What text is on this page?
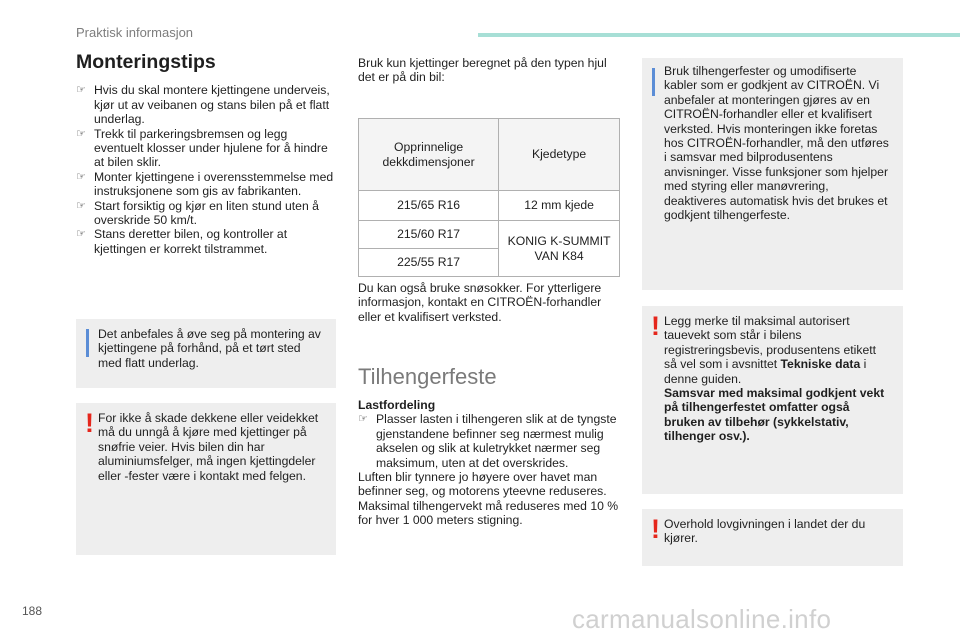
Praktisk informasjon
Monteringstips
☞ Hvis du skal montere kjettingene underveis, kjør ut av veibanen og stans bilen på et flatt underlag.
☞ Trekk til parkeringsbremsen og legg eventuelt klosser under hjulene for å hindre at bilen sklir.
☞ Monter kjettingene i overensstemmelse med instruksjonene som gis av fabrikanten.
☞ Start forsiktig og kjør en liten stund uten å overskride 50 km/t.
☞ Stans deretter bilen, og kontroller at kjettingen er korrekt tilstrammet.
Det anbefales å øve seg på montering av kjettingene på forhånd, på et tørt sted med flatt underlag.
! For ikke å skade dekkene eller veidekket må du unngå å kjøre med kjettinger på snøfrie veier. Hvis bilen din har aluminiumsfelger, må ingen kjettingdeler eller -fester være i kontakt med felgen.
Bruk kun kjettinger beregnet på den typen hjul det er på din bil:
Opprinnelige dekkdimensjoner	Kjedetype
215/65 R16	12 mm kjede
215/60 R17	KONIG K-SUMMIT VAN K84
225/55 R17	
Du kan også bruke snøsokker. For ytterligere informasjon, kontakt en CITROËN-forhandler eller et kvalifisert verksted.
Tilhengerfeste
Lastfordeling
☞ Plasser lasten i tilhengeren slik at de tyngste gjenstandene befinner seg nærmest mulig akselen og slik at kuletrykket nærmer seg maksimum, uten at det overskrides.
Luften blir tynnere jo høyere over havet man befinner seg, og motorens yteevne reduseres. Maksimal tilhengervekt må reduseres med 10 % for hver 1 000 meters stigning.
Bruk tilhengerfester og umodifiserte kabler som er godkjent av CITROËN. Vi anbefaler at monteringen gjøres av en CITROËN-forhandler eller et kvalifisert verksted. Hvis monteringen ikke foretas hos CITROËN-forhandler, må den utføres i samsvar med bilprodusentens anvisninger. Visse funksjoner som hjelper med styring eller manøvrering, deaktiveres automatisk hvis det brukes et godkjent tilhengerfeste.
! Legg merke til maksimal autorisert tauevekt som står i bilens registreringsbevis, produsentens etikett så vel som i avsnittet Tekniske data i denne guiden.
Samsvar med maksimal godkjent vekt på tilhengerfestet omfatter også bruken av tilbehør (sykkelstativ, tilhenger osv.).
! Overhold lovgivningen i landet der du kjører.
188	carmanualsonline.info
